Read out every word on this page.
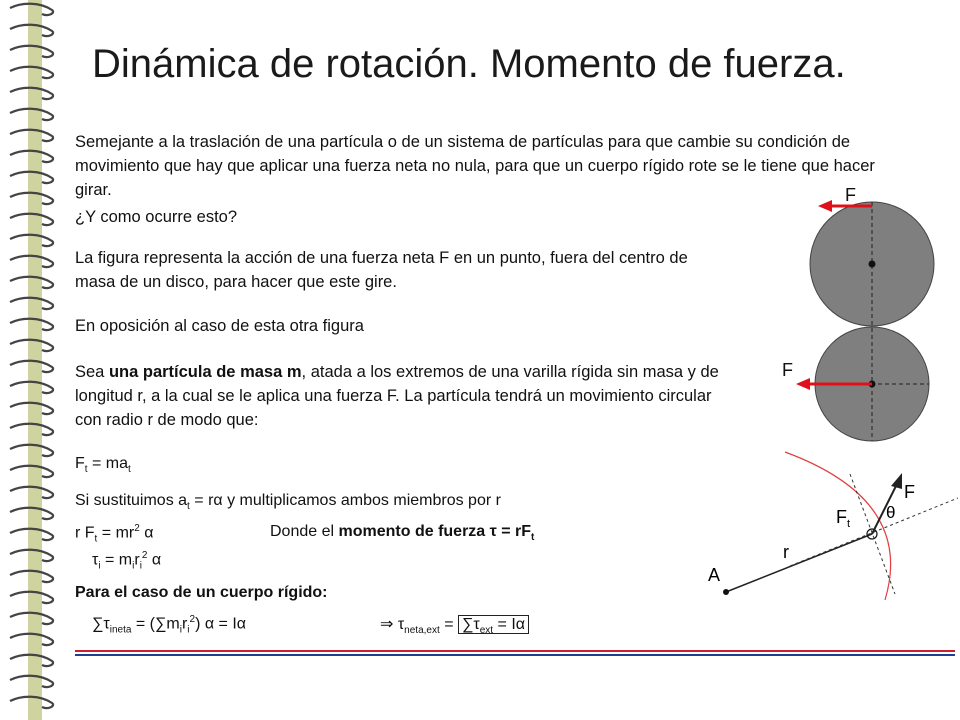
Dinámica de rotación. Momento de fuerza.
Semejante a la traslación de una partícula o de un sistema de partículas para que cambie su condición de movimiento que hay que aplicar una fuerza neta no nula, para que un cuerpo rígido rote se le tiene que hacer girar.
¿Y como ocurre esto?
La figura representa la acción de una fuerza neta F en un punto, fuera del centro de masa de un disco, para hacer que este gire.
En oposición al caso de esta otra figura
Sea una partícula de masa m, atada a los extremos de una varilla rígida sin masa y de longitud r, a la cual se le aplica una fuerza F. La partícula tendrá un movimiento circular con radio r de modo que:
$F_t = ma_t$
Si sustituimos $a_t = r\alpha$ y multiplicamos ambos miembros por r
r $F_t = mr^2$ α	Donde el momento de fuerza $\tau = rF_t$
$\tau_i = m_ir_i^2$ α
Para el caso de un cuerpo rígido:
$\sum\tau_{ineta} = (\sum m_ir_i^2) \alpha = I\alpha$	⇒ $\tau_{neta,ext} = \sum\tau_{ext} = I\alpha$
F
F
F
$F_t$
θ
r
A
